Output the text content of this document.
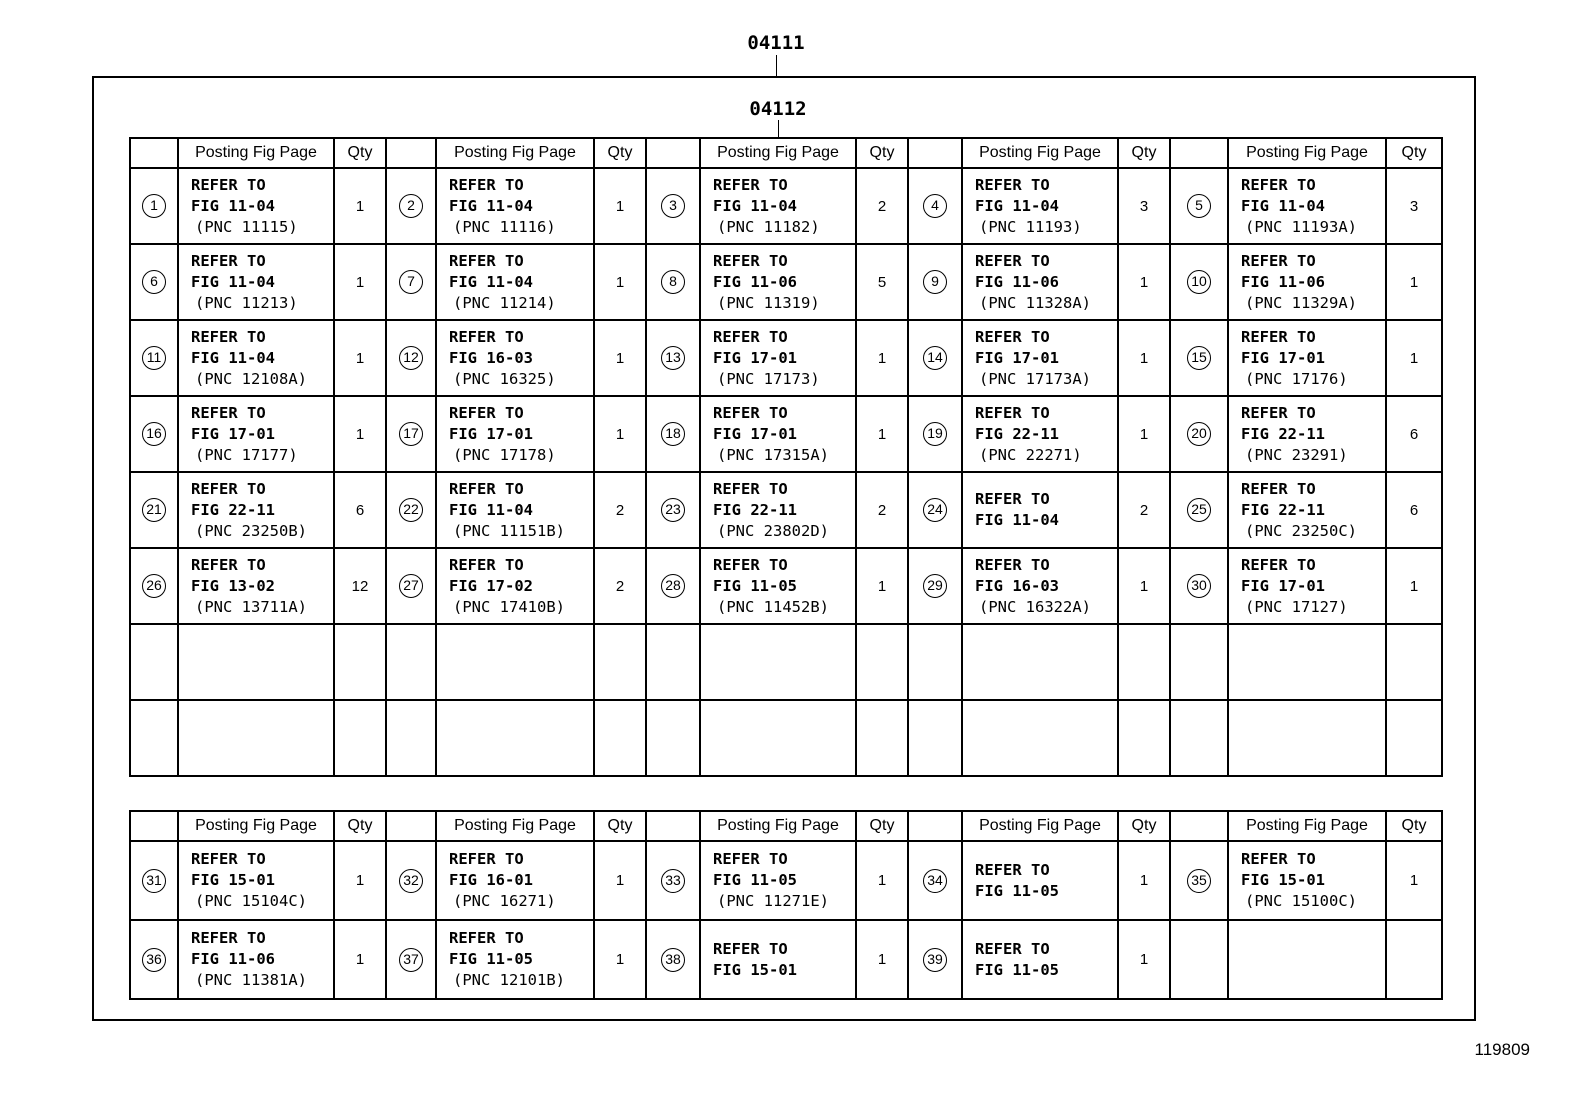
04111
04112
	Posting Fig Page	Qty		Posting Fig Page	Qty		Posting Fig Page	Qty		Posting Fig Page	Qty		Posting Fig Page	Qty
1	REFER TO
FIG 11-04
(PNC 11115)	1	2	REFER TO
FIG 11-04
(PNC 11116)	1	3	REFER TO
FIG 11-04
(PNC 11182)	2	4	REFER TO
FIG 11-04
(PNC 11193)	3	5	REFER TO
FIG 11-04
(PNC 11193A)	3
6	REFER TO
FIG 11-04
(PNC 11213)	1	7	REFER TO
FIG 11-04
(PNC 11214)	1	8	REFER TO
FIG 11-06
(PNC 11319)	5	9	REFER TO
FIG 11-06
(PNC 11328A)	1	10	REFER TO
FIG 11-06
(PNC 11329A)	1
11	REFER TO
FIG 11-04
(PNC 12108A)	1	12	REFER TO
FIG 16-03
(PNC 16325)	1	13	REFER TO
FIG 17-01
(PNC 17173)	1	14	REFER TO
FIG 17-01
(PNC 17173A)	1	15	REFER TO
FIG 17-01
(PNC 17176)	1
16	REFER TO
FIG 17-01
(PNC 17177)	1	17	REFER TO
FIG 17-01
(PNC 17178)	1	18	REFER TO
FIG 17-01
(PNC 17315A)	1	19	REFER TO
FIG 22-11
(PNC 22271)	1	20	REFER TO
FIG 22-11
(PNC 23291)	6
21	REFER TO
FIG 22-11
(PNC 23250B)	6	22	REFER TO
FIG 11-04
(PNC 11151B)	2	23	REFER TO
FIG 22-11
(PNC 23802D)	2	24	REFER TO
FIG 11-04	2	25	REFER TO
FIG 22-11
(PNC 23250C)	6
26	REFER TO
FIG 13-02
(PNC 13711A)	12	27	REFER TO
FIG 17-02
(PNC 17410B)	2	28	REFER TO
FIG 11-05
(PNC 11452B)	1	29	REFER TO
FIG 16-03
(PNC 16322A)	1	30	REFER TO
FIG 17-01
(PNC 17127)	1

	Posting Fig Page	Qty		Posting Fig Page	Qty		Posting Fig Page	Qty		Posting Fig Page	Qty		Posting Fig Page	Qty
31	REFER TO
FIG 15-01
(PNC 15104C)	1	32	REFER TO
FIG 16-01
(PNC 16271)	1	33	REFER TO
FIG 11-05
(PNC 11271E)	1	34	REFER TO
FIG 11-05	1	35	REFER TO
FIG 15-01
(PNC 15100C)	1
36	REFER TO
FIG 11-06
(PNC 11381A)	1	37	REFER TO
FIG 11-05
(PNC 12101B)	1	38	REFER TO
FIG 15-01	1	39	REFER TO
FIG 11-05	1			
119809
